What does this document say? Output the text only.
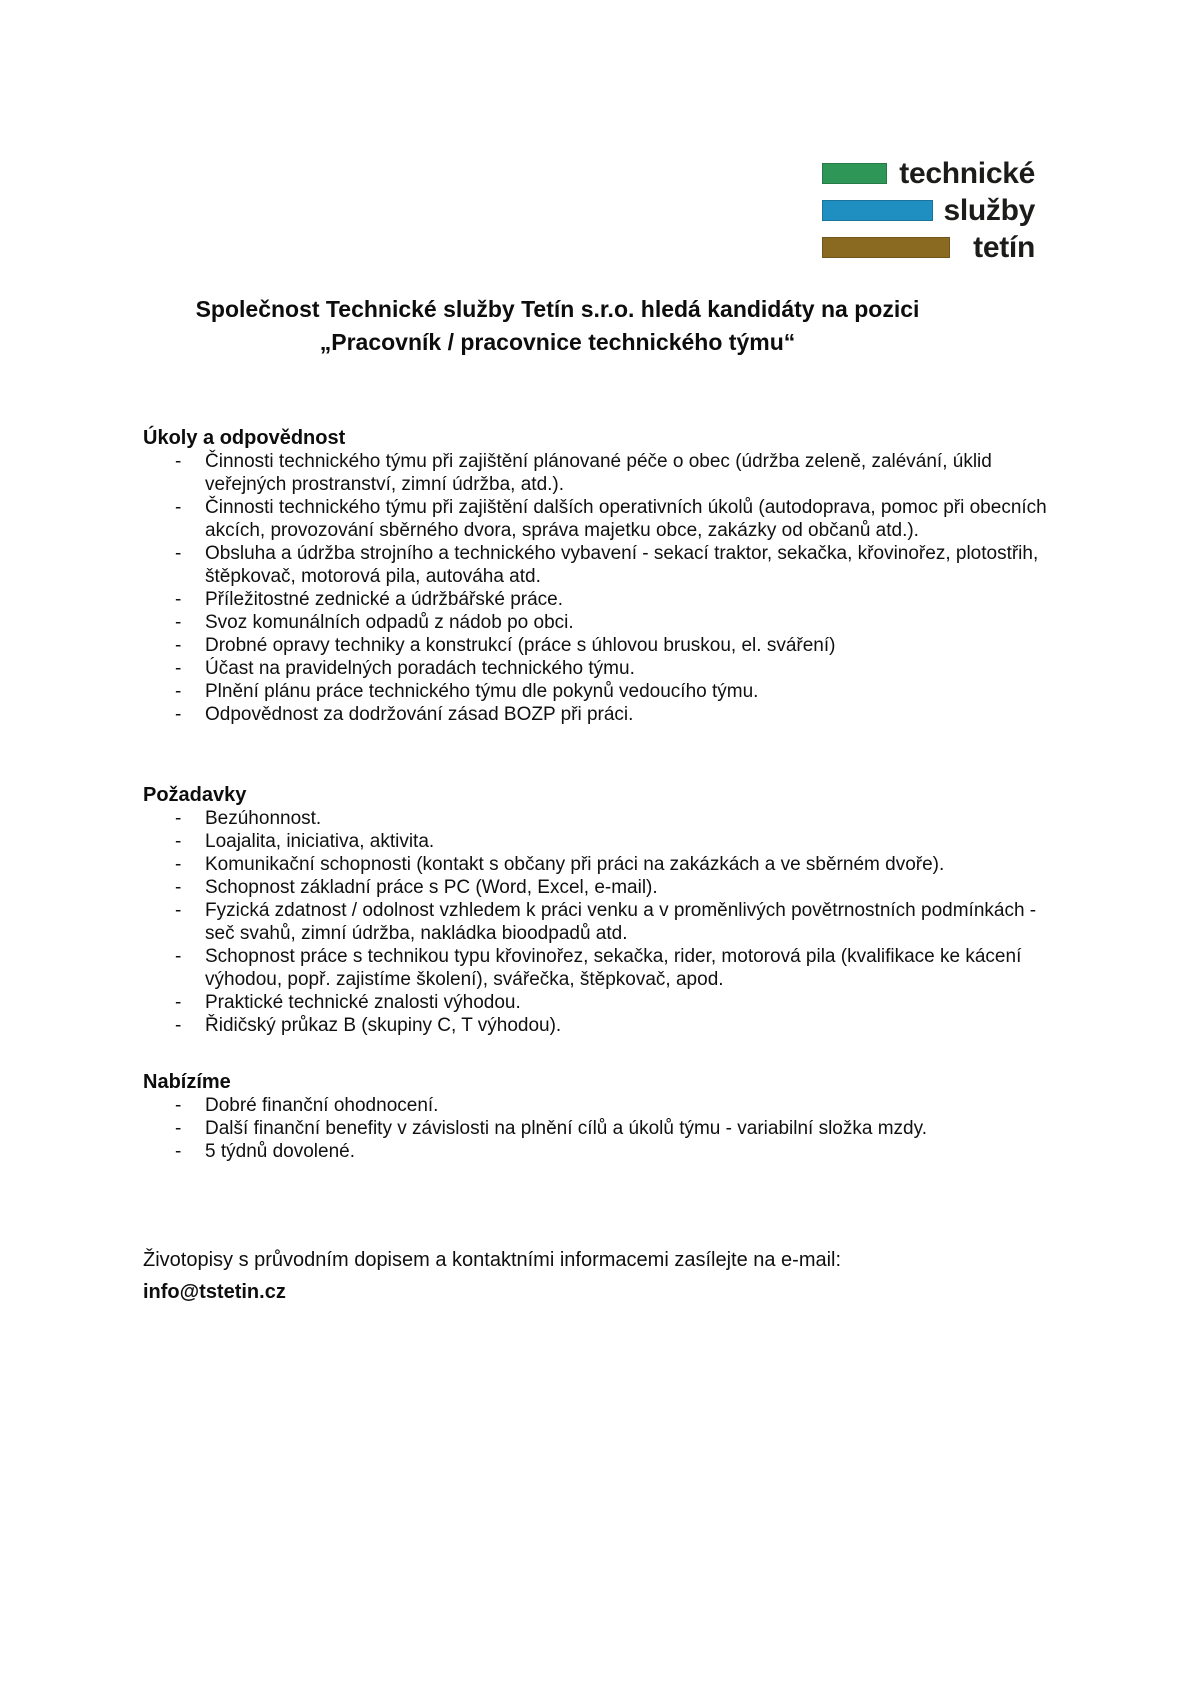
technické
služby
tetín
Společnost Technické služby Tetín s.r.o. hledá kandidáty na pozici
„Pracovník / pracovnice technického týmu“
Úkoly a odpovědnost
-	Činnosti technického týmu při zajištění plánované péče o obec (údržba zeleně, zalévání, úklid veřejných prostranství, zimní údržba, atd.).
-	Činnosti technického týmu při zajištění dalších operativních úkolů (autodoprava, pomoc při obecních akcích, provozování sběrného dvora, správa majetku obce, zakázky od občanů atd.).
-	Obsluha a údržba strojního a technického vybavení - sekací traktor, sekačka, křovinořez, plotostřih, štěpkovač, motorová pila, autováha atd.
-	Příležitostné zednické a údržbářské práce.
-	Svoz komunálních odpadů z nádob po obci.
-	Drobné opravy techniky a konstrukcí (práce s úhlovou bruskou, el. sváření)
-	Účast na pravidelných poradách technického týmu.
-	Plnění plánu práce technického týmu dle pokynů vedoucího týmu.
-	Odpovědnost za dodržování zásad BOZP při práci.
Požadavky
-	Bezúhonnost.
-	Loajalita, iniciativa, aktivita.
-	Komunikační schopnosti (kontakt s občany při práci na zakázkách a ve sběrném dvoře).
-	Schopnost základní práce s PC (Word, Excel, e-mail).
-	Fyzická zdatnost / odolnost vzhledem k práci venku a v proměnlivých povětrnostních podmínkách - seč svahů, zimní údržba, nakládka bioodpadů atd.
-	Schopnost práce s technikou typu křovinořez, sekačka, rider, motorová pila (kvalifikace ke kácení výhodou, popř. zajistíme školení), svářečka, štěpkovač, apod.
-	Praktické technické znalosti výhodou.
-	Řidičský průkaz B (skupiny C, T výhodou).
Nabízíme
-	Dobré finanční ohodnocení.
-	Další finanční benefity v závislosti na plnění cílů a úkolů týmu - variabilní složka mzdy.
-	5 týdnů dovolené.
Životopisy s průvodním dopisem a kontaktními informacemi zasílejte na e-mail:
info@tstetin.cz
